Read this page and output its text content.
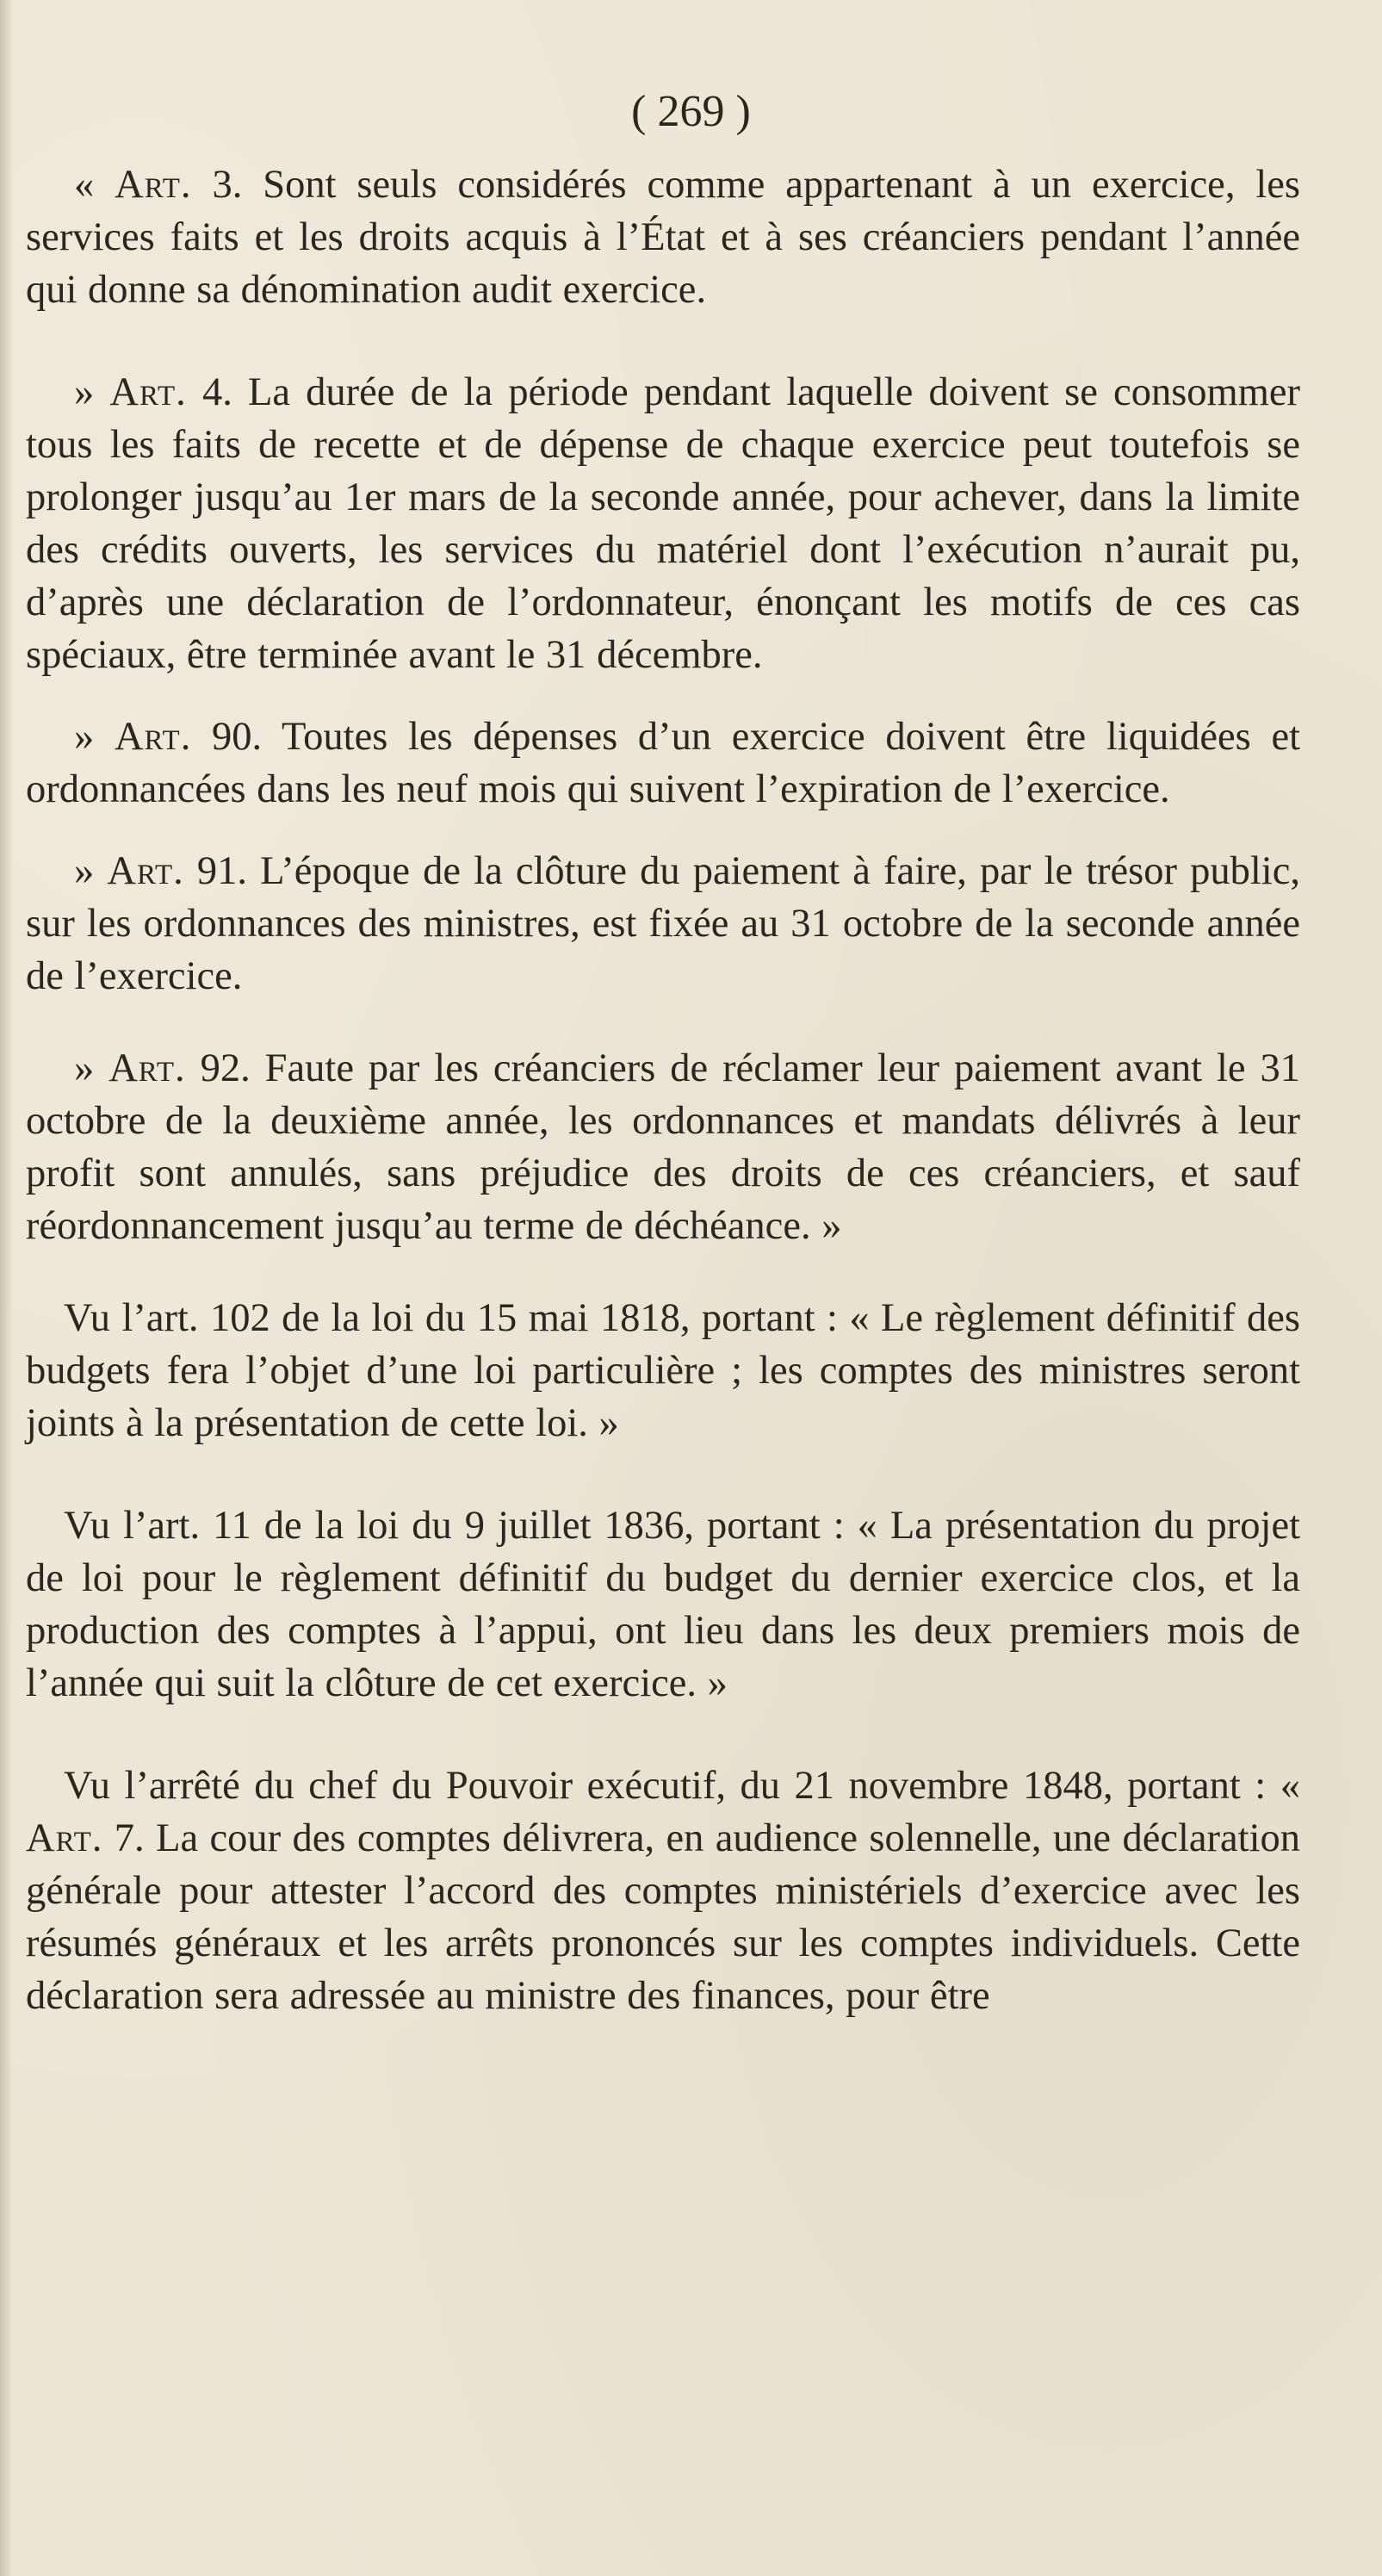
( 269 )

« Art. 3. Sont seuls considérés comme appartenant à un exercice, les services faits et les droits acquis à l’État et à ses créanciers pendant l’année qui donne sa dénomination audit exercice.

» Art. 4. La durée de la période pendant laquelle doivent se consommer tous les faits de recette et de dépense de chaque exercice peut toutefois se prolonger jusqu’au 1er mars de la seconde année, pour achever, dans la limite des crédits ouverts, les services du matériel dont l’exécution n’aurait pu, d’après une déclaration de l’ordonnateur, énonçant les motifs de ces cas spéciaux, être terminée avant le 31 décembre.

» Art. 90. Toutes les dépenses d’un exercice doivent être liquidées et ordonnancées dans les neuf mois qui suivent l’expiration de l’exercice.

» Art. 91. L’époque de la clôture du paiement à faire, par le trésor public, sur les ordonnances des ministres, est fixée au 31 octobre de la seconde année de l’exercice.

» Art. 92. Faute par les créanciers de réclamer leur paiement avant le 31 octobre de la deuxième année, les ordonnances et mandats délivrés à leur profit sont annulés, sans préjudice des droits de ces créanciers, et sauf réordonnancement jusqu’au terme de déchéance. »

Vu l’art. 102 de la loi du 15 mai 1818, portant : « Le règlement définitif des budgets fera l’objet d’une loi particulière ; les comptes des ministres seront joints à la présentation de cette loi. »

Vu l’art. 11 de la loi du 9 juillet 1836, portant : « La présentation du projet de loi pour le règlement définitif du budget du dernier exercice clos, et la production des comptes à l’appui, ont lieu dans les deux premiers mois de l’année qui suit la clôture de cet exercice. »

Vu l’arrêté du chef du Pouvoir exécutif, du 21 novembre 1848, portant : « Art. 7. La cour des comptes délivrera, en audience solennelle, une déclaration générale pour attester l’accord des comptes ministériels d’exercice avec les résumés généraux et les arrêts prononcés sur les comptes individuels. Cette déclaration sera adressée au ministre des finances, pour être
